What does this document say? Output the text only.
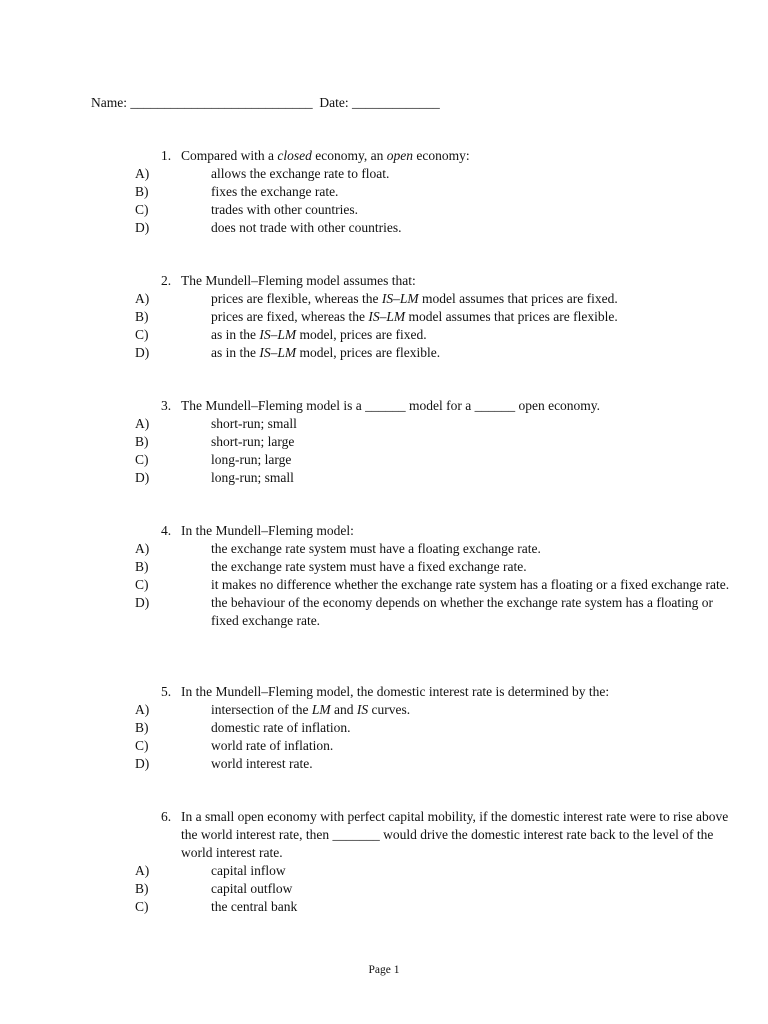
Name: ___________________________ Date: _____________
1. Compared with a closed economy, an open economy:
A)	allows the exchange rate to float.
B)	fixes the exchange rate.
C)	trades with other countries.
D)	does not trade with other countries.
2. The Mundell–Fleming model assumes that:
A)	prices are flexible, whereas the IS–LM model assumes that prices are fixed.
B)	prices are fixed, whereas the IS–LM model assumes that prices are flexible.
C)	as in the IS–LM model, prices are fixed.
D)	as in the IS–LM model, prices are flexible.
3. The Mundell–Fleming model is a ______ model for a ______ open economy.
A)	short-run; small
B)	short-run; large
C)	long-run; large
D)	long-run; small
4. In the Mundell–Fleming model:
A)	the exchange rate system must have a floating exchange rate.
B)	the exchange rate system must have a fixed exchange rate.
C)	it makes no difference whether the exchange rate system has a floating or a fixed exchange rate.
D)	the behaviour of the economy depends on whether the exchange rate system has a floating or fixed exchange rate.
5. In the Mundell–Fleming model, the domestic interest rate is determined by the:
A)	intersection of the LM and IS curves.
B)	domestic rate of inflation.
C)	world rate of inflation.
D)	world interest rate.
6. In a small open economy with perfect capital mobility, if the domestic interest rate were to rise above the world interest rate, then _______ would drive the domestic interest rate back to the level of the world interest rate.
A)	capital inflow
B)	capital outflow
C)	the central bank
Page 1
